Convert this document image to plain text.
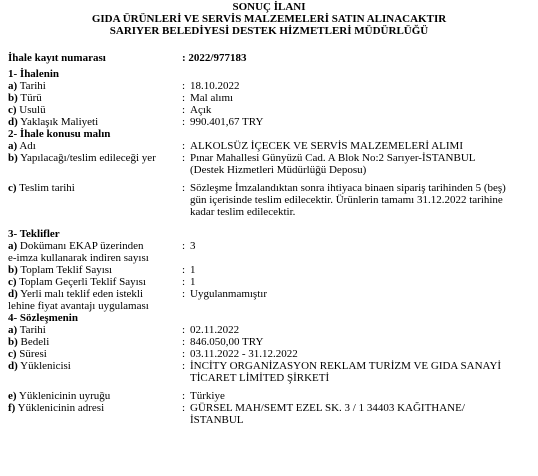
SONUÇ İLANI
GIDA ÜRÜNLERİ VE SERVİS MALZEMELERİ SATIN ALINACAKTIR
SARIYER BELEDİYESİ DESTEK HİZMETLERİ MÜDÜRLÜĞÜ
İhale kayıt numarası	: 2022/977183
1- İhalenin
a) Tarihi	: 18.10.2022
b) Türü	: Mal alımı
c) Usulü	: Açık
d) Yaklaşık Maliyeti	: 990.401,67 TRY
2- İhale konusu malın
a) Adı	: ALKOLSÜZ İÇECEK VE SERVİS MALZEMELERİ ALIMI
b) Yapılacağı/teslim edileceği yer	: Pınar Mahallesi Günyüzü Cad. A Blok No:2 Sarıyer-İSTANBUL
(Destek Hizmetleri Müdürlüğü Deposu)
c) Teslim tarihi	: Sözleşme İmzalandıktan sonra ihtiyaca binaen sipariş tarihinden 5 (beş)
gün içerisinde teslim edilecektir. Ürünlerin tamamı 31.12.2022 tarihine
kadar teslim edilecektir.
3- Teklifler
a) Dokümanı EKAP üzerinden
e-imza kullanarak indiren sayısı
: 3
b) Toplam Teklif Sayısı	: 1
c) Toplam Geçerli Teklif Sayısı	: 1
d) Yerli malı teklif eden istekli
lehine fiyat avantajı uygulaması
: Uygulanmamıştır
4- Sözleşmenin
a) Tarihi	: 02.11.2022
b) Bedeli	: 846.050,00 TRY
c) Süresi	: 03.11.2022 - 31.12.2022
d) Yüklenicisi	: İNCİTY ORGANİZASYON REKLAM TURİZM VE GIDA SANAYİ
TİCARET LİMİTED ŞİRKETİ
e) Yüklenicinin uyruğu	: Türkiye
f) Yüklenicinin adresi	: GÜRSEL MAH/SEMT EZEL SK. 3 / 1 34403 KAĞITHANE/
İSTANBUL
